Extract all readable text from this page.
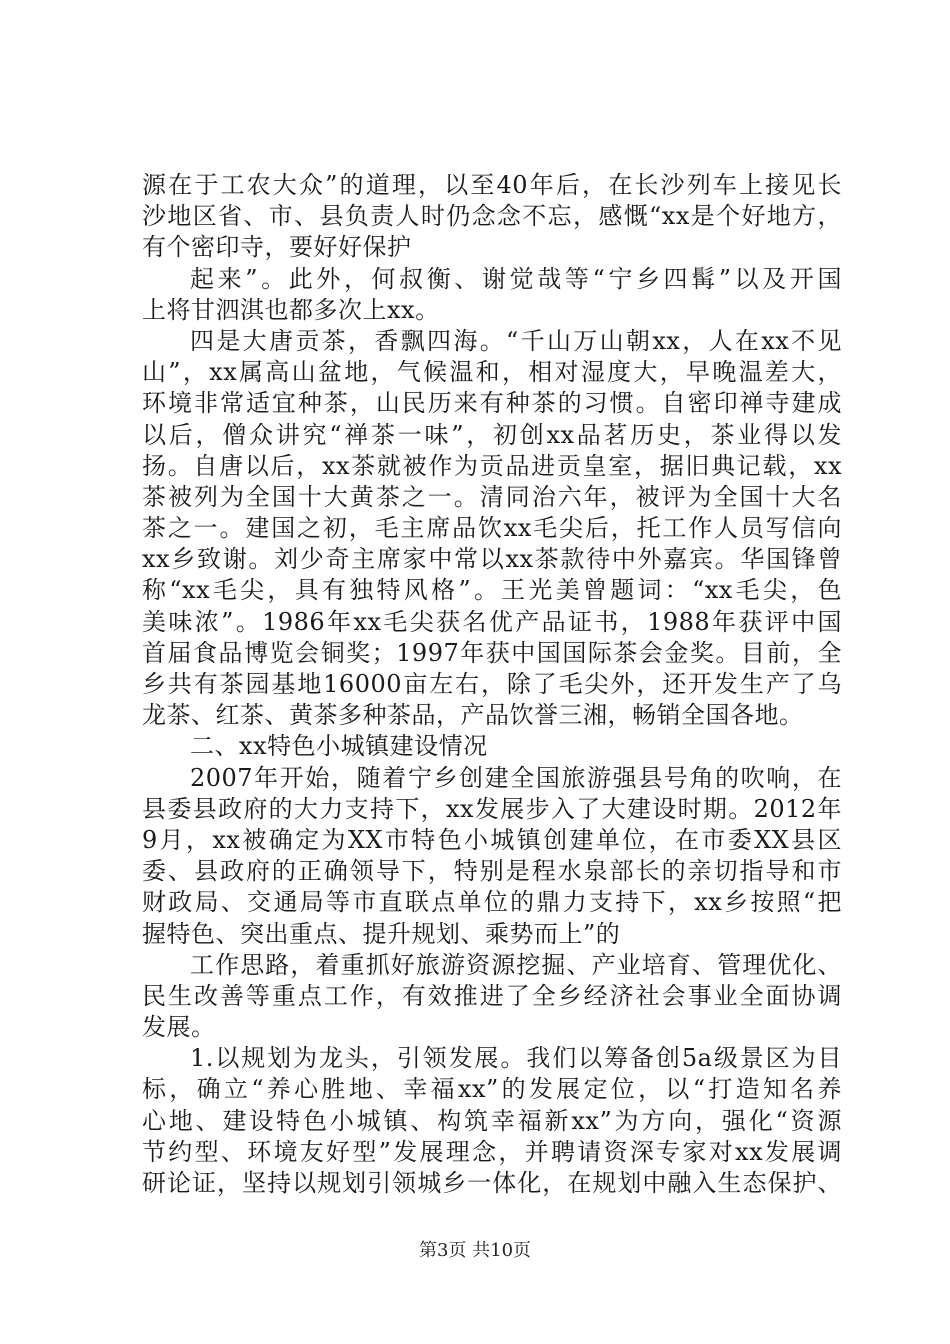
源在于工农大众”的道理，以至40年后，在长沙列车上接见长
沙地区省、市、县负责人时仍念念不忘，感慨“xx是个好地方，
有个密印寺，要好好保护
起来”。此外，何叔衡、谢觉哉等“宁乡四髯”以及开国
上将甘泗淇也都多次上xx。
四是大唐贡茶，香飘四海。“千山万山朝xx，人在xx不见
山”，xx属高山盆地，气候温和，相对湿度大，早晚温差大，
环境非常适宜种茶，山民历来有种茶的习惯。自密印禅寺建成
以后，僧众讲究“禅茶一味”，初创xx品茗历史，茶业得以发
扬。自唐以后，xx茶就被作为贡品进贡皇室，据旧典记载，xx
茶被列为全国十大黄茶之一。清同治六年，被评为全国十大名
茶之一。建国之初，毛主席品饮xx毛尖后，托工作人员写信向
xx乡致谢。刘少奇主席家中常以xx茶款待中外嘉宾。华国锋曾
称“xx毛尖，具有独特风格”。王光美曾题词：“xx毛尖，色
美味浓”。1986年xx毛尖获名优产品证书，1988年获评中国
首届食品博览会铜奖；1997年获中国国际茶会金奖。目前，全
乡共有茶园基地16000亩左右，除了毛尖外，还开发生产了乌
龙茶、红茶、黄茶多种茶品，产品饮誉三湘，畅销全国各地。
二、xx特色小城镇建设情况
2007年开始，随着宁乡创建全国旅游强县号角的吹响，在
县委县政府的大力支持下，xx发展步入了大建设时期。2012年
9月，xx被确定为XX市特色小城镇创建单位，在市委XX县区
委、县政府的正确领导下，特别是程水泉部长的亲切指导和市
财政局、交通局等市直联点单位的鼎力支持下，xx乡按照“把
握特色、突出重点、提升规划、乘势而上”的
工作思路，着重抓好旅游资源挖掘、产业培育、管理优化、
民生改善等重点工作，有效推进了全乡经济社会事业全面协调
发展。
1.以规划为龙头，引领发展。我们以筹备创5a级景区为目
标，确立“养心胜地、幸福xx”的发展定位，以“打造知名养
心地、建设特色小城镇、构筑幸福新xx”为方向，强化“资源
节约型、环境友好型”发展理念，并聘请资深专家对xx发展调
研论证，坚持以规划引领城乡一体化，在规划中融入生态保护、
第3页 共10页
